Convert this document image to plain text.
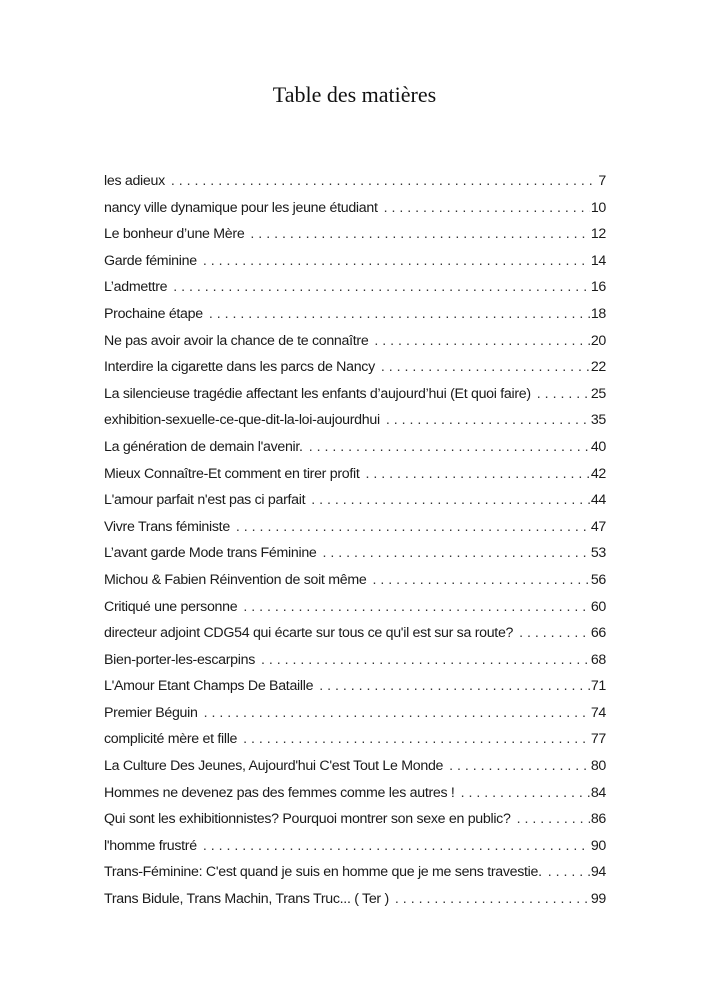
Table des matières
les adieux . . .	7
nancy ville dynamique pour les jeune étudiant . . .	10
Le bonheur d’une Mère . . .	12
Garde féminine . . .	14
L’admettre . . .	16
Prochaine étape . . .	18
Ne pas avoir avoir la chance de te connaître . . .	20
Interdire la cigarette dans les parcs de Nancy . . .	22
La silencieuse tragédie affectant les enfants d’aujourd’hui (Et quoi faire) . . .	25
exhibition-sexuelle-ce-que-dit-la-loi-aujourdhui . . .	35
La génération de demain l'avenir. . . .	40
Mieux Connaître-Et comment en tirer profit . . .	42
L'amour parfait n'est pas ci parfait . . .	44
Vivre Trans féministe . . .	47
L’avant garde Mode trans Féminine . . .	53
Michou & Fabien Réinvention de soit même . . .	56
Critiqué une personne . . .	60
directeur adjoint CDG54 qui écarte sur tous ce qu'il est sur sa route? . . .	66
Bien-porter-les-escarpins . . .	68
L'Amour Etant Champs De Bataille . . .	71
Premier Béguin . . .	74
complicité mère et fille . . .	77
La Culture Des Jeunes, Aujourd'hui C'est Tout Le Monde . . .	80
Hommes ne devenez pas des femmes comme les autres ! . . .	84
Qui sont les exhibitionnistes? Pourquoi montrer son sexe en public? . . .	86
l'homme frustré . . .	90
Trans-Féminine: C'est quand je suis en homme que je me sens travestie. . . .	94
Trans Bidule, Trans Machin, Trans Truc... ( Ter ) . . .	99
